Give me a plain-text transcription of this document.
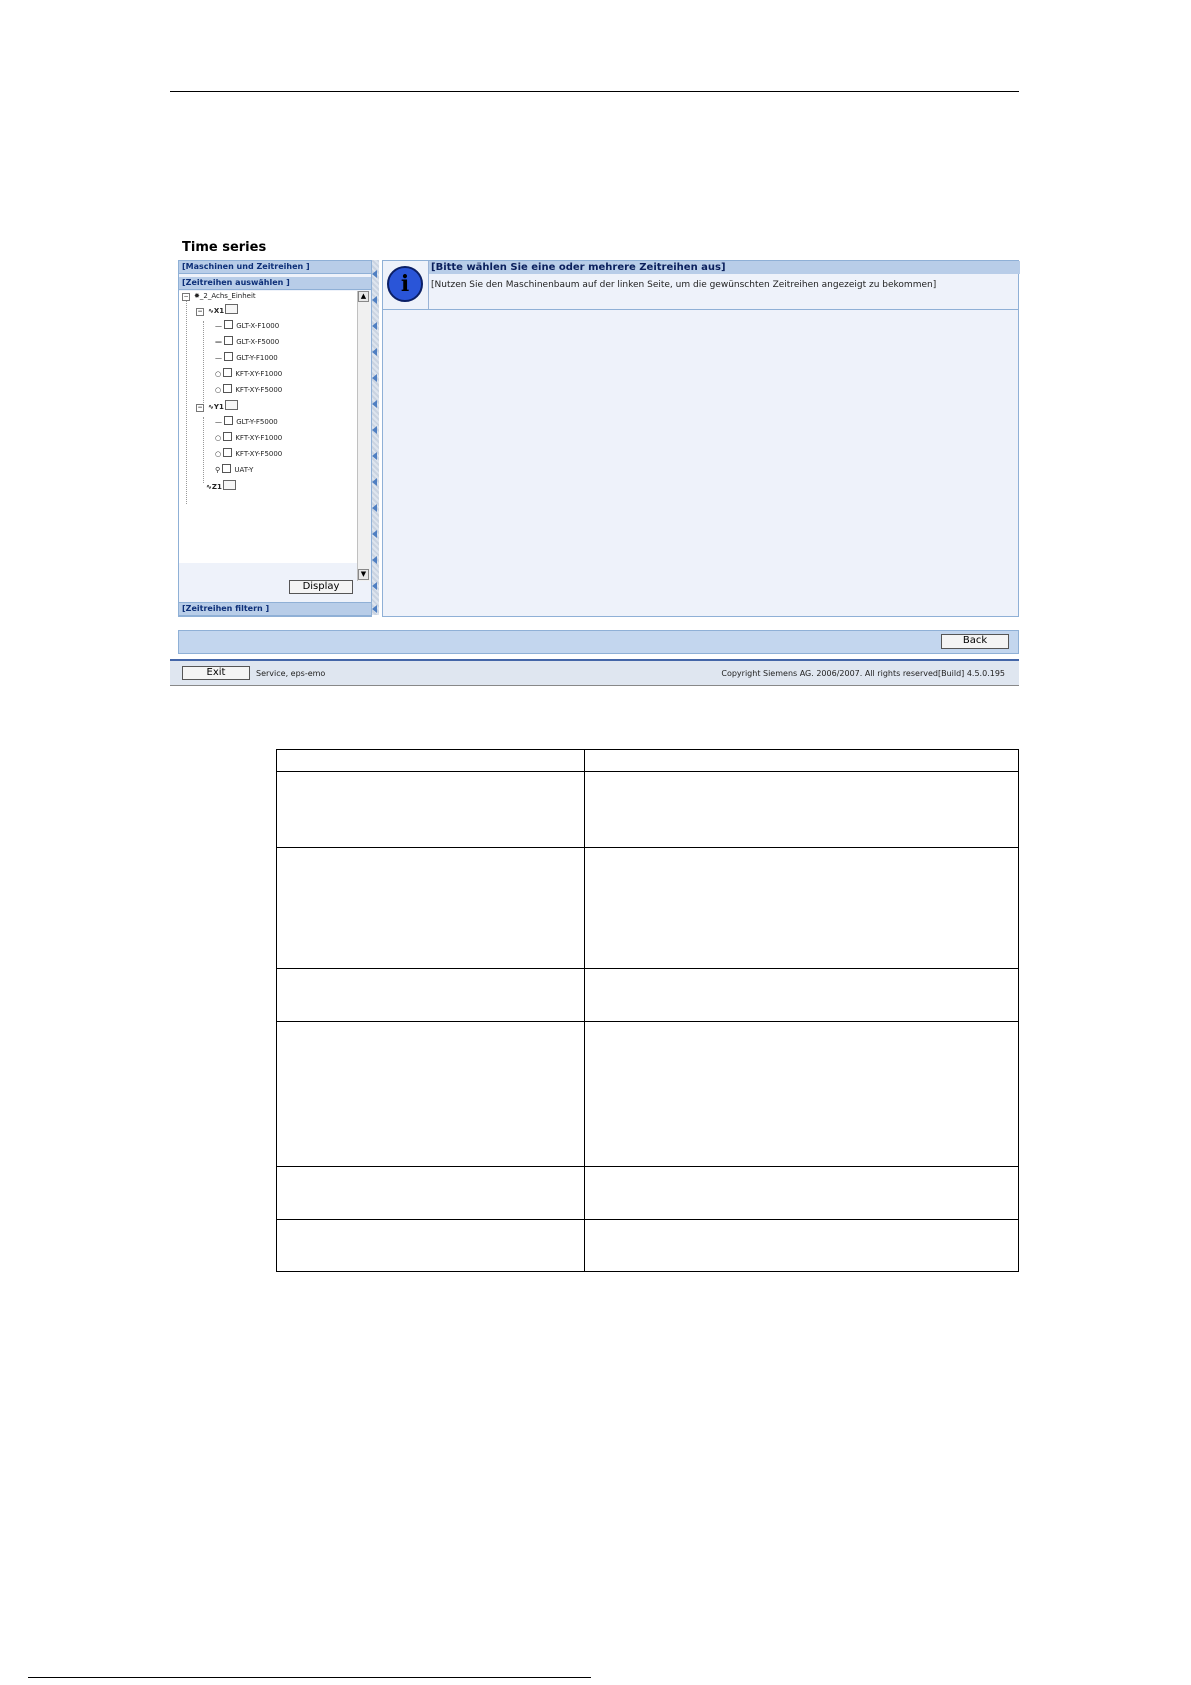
Time series
[Maschinen und Zeitreihen ]
[Zeitreihen auswählen ]
− ✸_2_Achs_Einheit
− ∿X1
— GLT-X-F1000
— GLT-X-F5000
— GLT-Y-F1000
○ KFT-XY-F1000
○ KFT-XY-F5000
− ∿Y1
— GLT-Y-F5000
○ KFT-XY-F1000
○ KFT-XY-F5000
⚲ UAT-Y
∿Z1
▲
▼
Display
[Zeitreihen filtern ]
i
[Bitte wählen Sie eine oder mehrere Zeitreihen aus]
[Nutzen Sie den Maschinenbaum auf der linken Seite, um die gewünschten Zeitreihen angezeigt zu bekommen]
Back
Exit	Service, eps-emo	Copyright Siemens AG. 2006/2007. All rights reserved[Build] 4.5.0.195
